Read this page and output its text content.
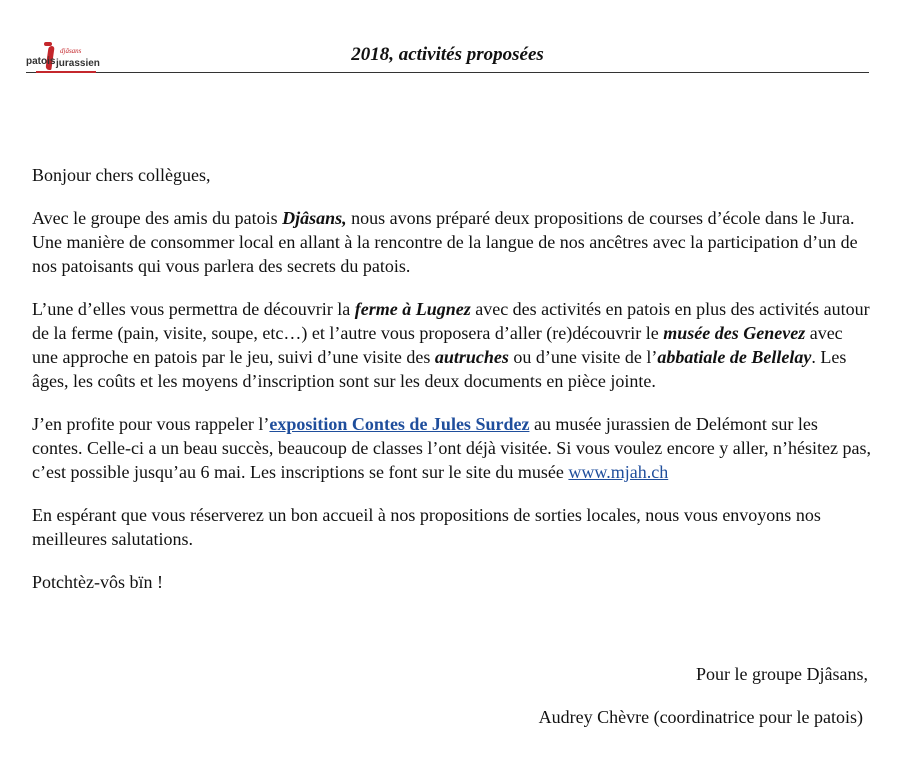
patois
djâsans
jurassien	2018, activités proposées

Bonjour chers collègues,

Avec le groupe des amis du patois Djâsans, nous avons préparé deux propositions de courses d’école dans le Jura. Une manière de consommer local en allant à la rencontre de la langue de nos ancêtres avec la participation d’un de nos patoisants qui vous parlera des secrets du patois.

L’une d’elles vous permettra de découvrir la ferme à Lugnez avec des activités en patois en plus des activités autour de la ferme (pain, visite, soupe, etc…) et l’autre vous proposera d’aller (re)découvrir le musée des Genevez avec une approche en patois par le jeu, suivi d’une visite des autruches ou d’une visite de l’abbatiale de Bellelay. Les âges, les coûts et les moyens d’inscription sont sur les deux documents en pièce jointe.

J’en profite pour vous rappeler l’exposition Contes de Jules Surdez au musée jurassien de Delémont sur les contes. Celle-ci a un beau succès, beaucoup de classes l’ont déjà visitée. Si vous voulez encore y aller, n’hésitez pas, c’est possible jusqu’au 6 mai. Les inscriptions se font sur le site du musée www.mjah.ch

En espérant que vous réserverez un bon accueil à nos propositions de sorties locales, nous vous envoyons nos meilleures salutations.

Potchtèz-vôs bïn !

Pour le groupe Djâsans,
Audrey Chèvre (coordinatrice pour le patois)
